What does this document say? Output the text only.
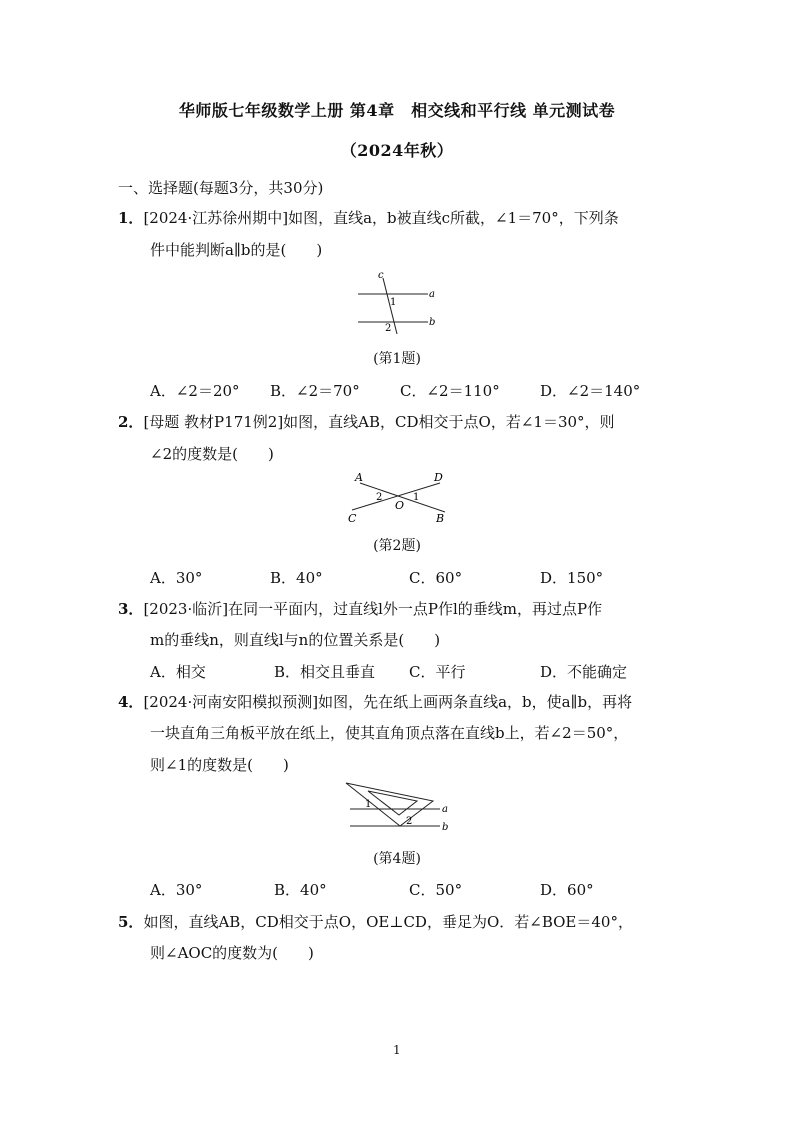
华师版七年级数学上册 第4章　相交线和平行线 单元测试卷
（2024年秋）
一、选择题(每题3分，共30分)
1．[2024·江苏徐州期中]如图，直线a，b被直线c所截，∠1＝70°，下列条
件中能判断a∥b的是(　　)
c
a
b
1
2
(第1题)
A．∠2＝20° B．∠2＝70°	C．∠2＝110°	D．∠2＝140°
2．[母题 教材P171例2]如图，直线AB，CD相交于点O，若∠1＝30°，则
∠2的度数是(　　)
A
B
C
D
O
1
2
(第2题)
A．30°	B．40°	C．60°	D．150°
3．[2023·临沂]在同一平面内，过直线l外一点P作l的垂线m，再过点P作
m的垂线n，则直线l与n的位置关系是(　　)
A．相交	B．相交且垂直 C．平行	D．不能确定
4．[2024·河南安阳模拟预测]如图，先在纸上画两条直线a，b，使a∥b，再将
一块直角三角板平放在纸上，使其直角顶点落在直线b上，若∠2＝50°，
则∠1的度数是(　　)
a
b
1
2
(第4题)
A．30°	B．40°	C．50°	D．60°
5．如图，直线AB，CD相交于点O，OE⊥CD，垂足为O．若∠BOE＝40°，
则∠AOC的度数为(　　)
1
